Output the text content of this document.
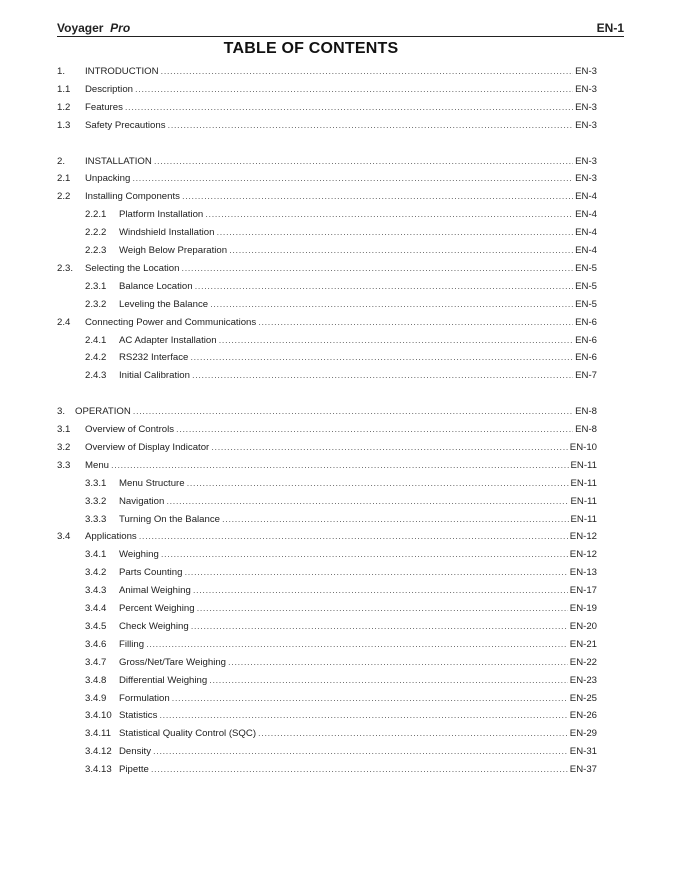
Voyager Pro	EN-1
TABLE OF CONTENTS
1.	INTRODUCTION .....	EN-3
1.1	Description .....	EN-3
1.2	Features .....	EN-3
1.3	Safety Precautions .....	EN-3
2.	INSTALLATION .....	EN-3
2.1	Unpacking .....	EN-3
2.2	Installing Components .....	EN-4
2.2.1	Platform Installation .....	EN-4
2.2.2	Windshield Installation .....	EN-4
2.2.3	Weigh Below Preparation .....	EN-4
2.3.	Selecting the Location .....	EN-5
2.3.1	Balance Location .....	EN-5
2.3.2	Leveling the Balance .....	EN-5
2.4	Connecting Power and Communications .....	EN-6
2.4.1	AC Adapter Installation .....	EN-6
2.4.2	RS232 Interface .....	EN-6
2.4.3	Initial Calibration .....	EN-7
3.	OPERATION .....	EN-8
3.1	Overview of Controls .....	EN-8
3.2	Overview of Display Indicator .....	EN-10
3.3	Menu .....	EN-11
3.3.1	Menu Structure .....	EN-11
3.3.2	Navigation .....	EN-11
3.3.3	Turning On the Balance .....	EN-11
3.4	Applications .....	EN-12
3.4.1	Weighing .....	EN-12
3.4.2	Parts Counting .....	EN-13
3.4.3	Animal Weighing .....	EN-17
3.4.4	Percent Weighing .....	EN-19
3.4.5	Check Weighing .....	EN-20
3.4.6	Filling .....	EN-21
3.4.7	Gross/Net/Tare Weighing .....	EN-22
3.4.8	Differential Weighing .....	EN-23
3.4.9	Formulation .....	EN-25
3.4.10 Statistics .....	EN-26
3.4.11 Statistical Quality Control (SQC) .....	EN-29
3.4.12 Density .....	EN-31
3.4.13 Pipette .....	EN-37
